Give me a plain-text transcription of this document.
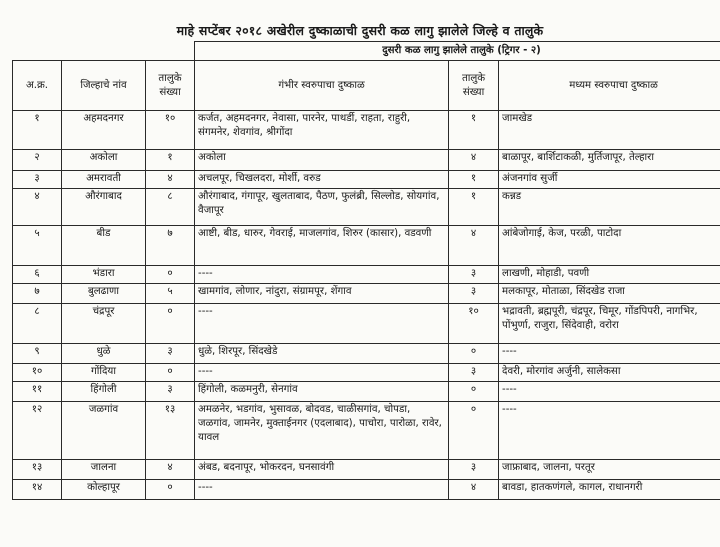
माहे सप्टेंबर २०१८ अखेरील दुष्काळाची दुसरी कळ लागु झालेले जिल्हे व तालुके
			दुसरी कळ लागु झालेले तालुके (ट्रिगर - २)		
अ.क्र.	जिल्हाचे नांव	तालुके संख्या	गंभीर स्वरुपाचा दुष्काळ	तालुके संख्या	मध्यम स्वरुपाचा दुष्काळ
१	अहमदनगर	१०	कर्जत, अहमदनगर, नेवासा, पारनेर, पाथर्डी, राहता, राहुरी, संगमनेर, शेवगांव, श्रीगोंदा	१	जामखेड
२	अकोला	१	अकोला	४	बाळापूर, बार्शिटाकळी, मुर्तिजापूर, तेल्हारा
३	अमरावती	४	अचलपूर, चिखलदरा, मोर्शी, वरुड	१	अंजनगांव सुर्जी
४	औरंगाबाद	८	औरंगाबाद, गंगापूर, खुलताबाद, पैठण, फुलंब्री, सिल्लोड, सोयगांव, वैजापूर	१	कन्नड
५	बीड	७	आष्टी, बीड, धारुर, गेवराई, माजलगांव, शिरुर (कासार), वडवणी	४	आंबेजोगाई, केज, परळी, पाटोदा
६	भंडारा	०	----	३	लाखणी, मोहाडी, पवणी
७	बुलढाणा	५	खामगांव, लोणार, नांदुरा, संग्रामपूर, शेंगाव	३	मलकापूर, मोताळा, सिंदखेड राजा
८	चंद्रपूर	०	----	१०	भद्रावती, ब्रह्मपूरी, चंद्रपूर, चिमूर, गोंडपिपरी, नागभिर, पोंभुर्णा, राजुरा, सिंदेवाही, वरोरा
९	धुळे	३	धुळे, शिरपूर, सिंदखेडे	०	----
१०	गोंदिया	०	----	३	देवरी, मोरगांव अर्जुनी, सालेकसा
११	हिंगोली	३	हिंगोली, कळमनुरी, सेनगांव	०	----
१२	जळगांव	१३	अमळनेर, भडगांव, भुसावळ, बोदवड, चाळीसगांव, चोपडा, जळगांव, जामनेर, मुक्ताईनगर (एदलाबाद), पाचोरा, पारोळा, रावेर, यावल	०	----
१३	जालना	४	अंबड, बदनापूर, भोकरदन, घनसावंगी	३	जाफ्राबाद, जालना, परतूर
१४	कोल्हापूर	०	----	४	बावडा, हातकणंगले, कागल, राधानगरी
